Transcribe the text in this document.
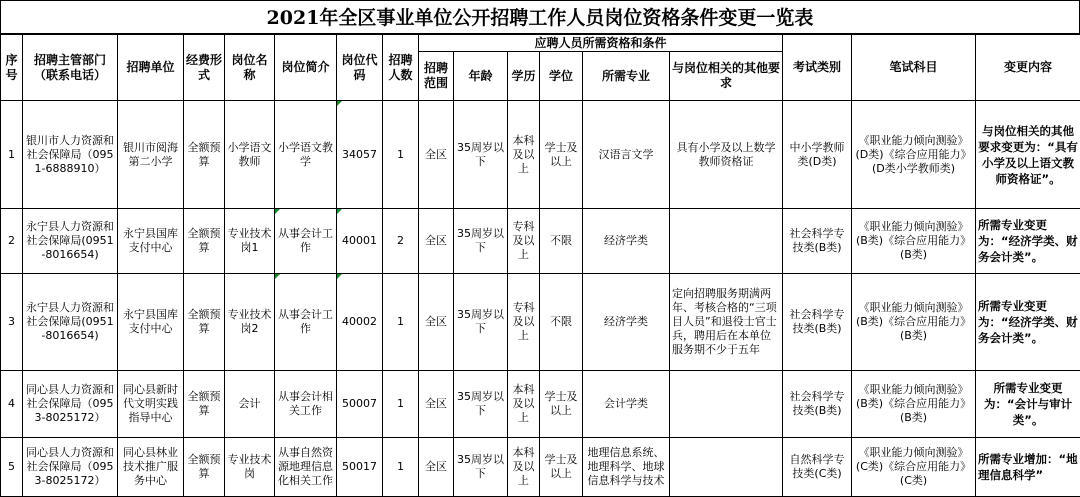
2021年全区事业单位公开招聘工作人员岗位资格条件变更一览表
序号	招聘主管部门（联系电话）	招聘单位	经费形式	岗位名称	岗位简介	岗位代码	招聘人数	应聘人员所需资格和条件						考试类别	笔试科目	变更内容
								招聘范围	年龄	学历	学位	所需专业	与岗位相关的其他要求			
1	银川市人力资源和社会保障局（0951-6888910）	银川市阅海第二小学	全额预算	小学语文教师	小学语文教学	34057	1	全区	35周岁以下	本科及以上	学士及以上	汉语言文学	具有小学及以上数学教师资格证	中小学教师类(D类)	《职业能力倾向测验》(D类)《综合应用能力》(D类小学教师类)	与岗位相关的其他要求变更为：“具有小学及以上语文教师资格证”。
2	永宁县人力资源和社会保障局(0951-8016654)	永宁县国库支付中心	全额预算	专业技术岗1	从事会计工作	40001	2	全区	35周岁以下	专科及以上	不限	经济学类		社会科学专技类(B类)	《职业能力倾向测验》(B类)《综合应用能力》(B类)	所需专业变更为：“经济学类、财务会计类”。
3	永宁县人力资源和社会保障局(0951-8016654)	永宁县国库支付中心	全额预算	专业技术岗2	从事会计工作	40002	1	全区	35周岁以下	专科及以上	不限	经济学类	定向招聘服务期满两年、考核合格的“三项目人员”和退役士官士兵，聘用后在本单位服务期不少于五年	社会科学专技类(B类)	《职业能力倾向测验》(B类)《综合应用能力》(B类)	所需专业变更为：“经济学类、财务会计类”。
4	同心县人力资源和社会保障局（0953-8025172）	同心县新时代文明实践指导中心	全额预算	会计	从事会计相关工作	50007	1	全区	35周岁以下	本科及以上	学士及以上	会计学类		社会科学专技类(B类)	《职业能力倾向测验》(B类)《综合应用能力》(B类)	所需专业变更为：“会计与审计类”。
5	同心县人力资源和社会保障局（0953-8025172）	同心县林业技术推广服务中心	全额预算	专业技术岗	从事自然资源地理信息化相关工作	50017	1	全区	35周岁以下	本科及以上	学士及以上	地理信息系统、地理科学、地球信息科学与技术		自然科学专技类(C类)	《职业能力倾向测验》(C类)《综合应用能力》(C类)	所需专业增加：“地理信息科学”
